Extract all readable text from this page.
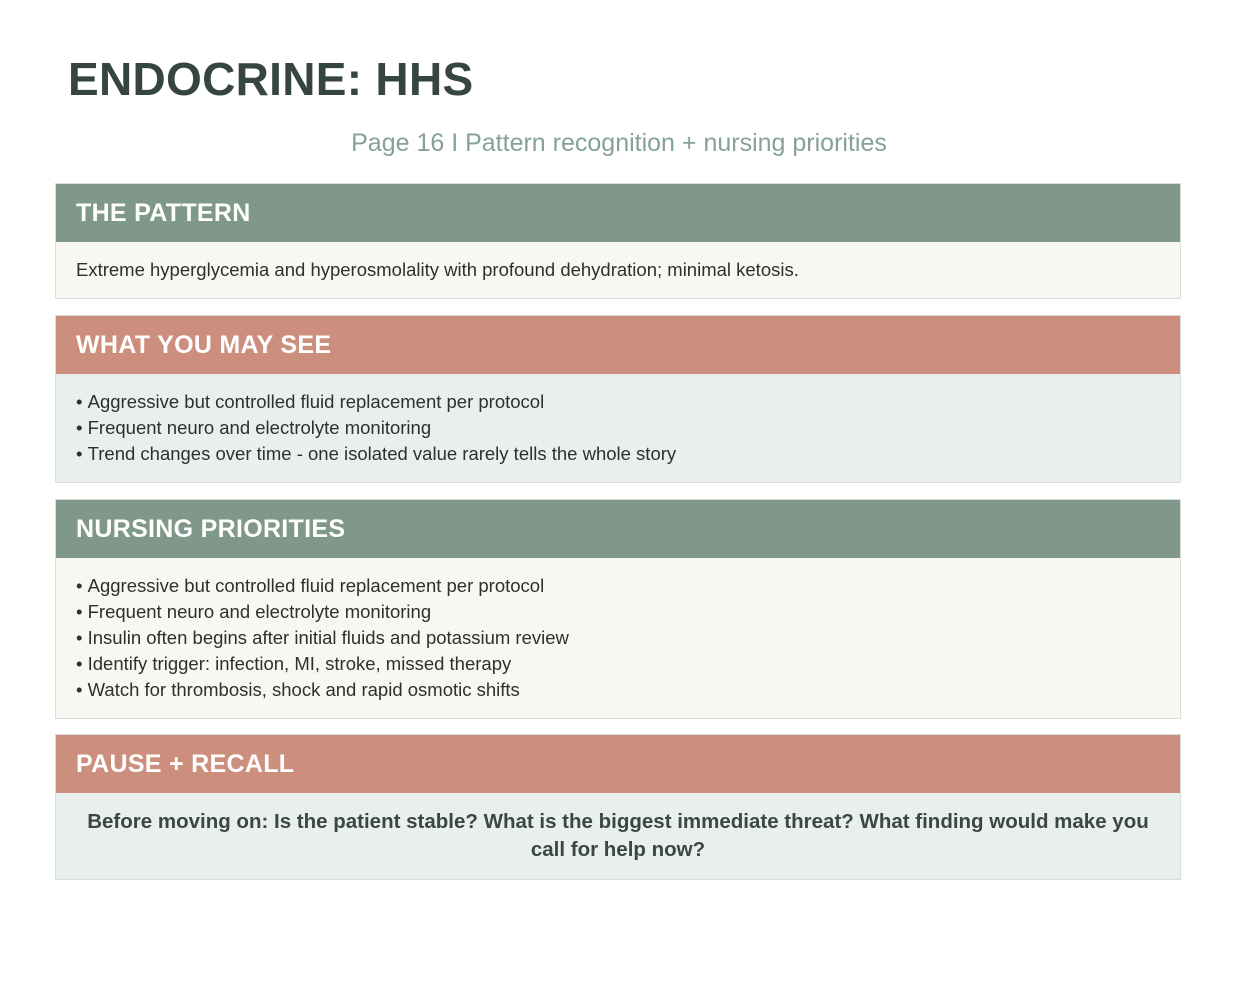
ENDOCRINE: HHS
Page 16 I Pattern recognition + nursing priorities
THE PATTERN
Extreme hyperglycemia and hyperosmolality with profound dehydration; minimal ketosis.
WHAT YOU MAY SEE
• Aggressive but controlled fluid replacement per protocol
• Frequent neuro and electrolyte monitoring
• Trend changes over time - one isolated value rarely tells the whole story
NURSING PRIORITIES
• Aggressive but controlled fluid replacement per protocol
• Frequent neuro and electrolyte monitoring
• Insulin often begins after initial fluids and potassium review
• Identify trigger: infection, MI, stroke, missed therapy
• Watch for thrombosis, shock and rapid osmotic shifts
PAUSE + RECALL
Before moving on: Is the patient stable? What is the biggest immediate threat? What finding would make you call for help now?
